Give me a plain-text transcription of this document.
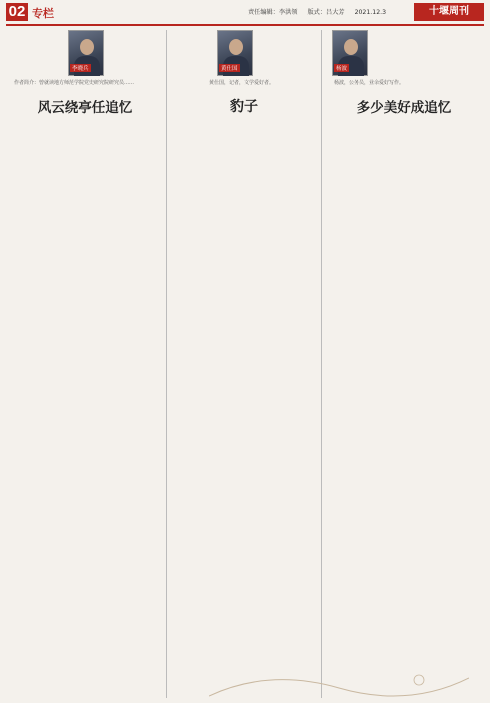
02 专栏	责任编辑：李洪领 版式：吕大芳 2021.12.3	十堰周刊
李晓兵
作者简介：曾就读地方师范学院党史研究院研究员……
风云绕亭任追忆
黄仕国
黄仕国，记者，文学爱好者。
豹子
杨波
杨波，公务员，业余爱好写作。
多少美好成追忆
